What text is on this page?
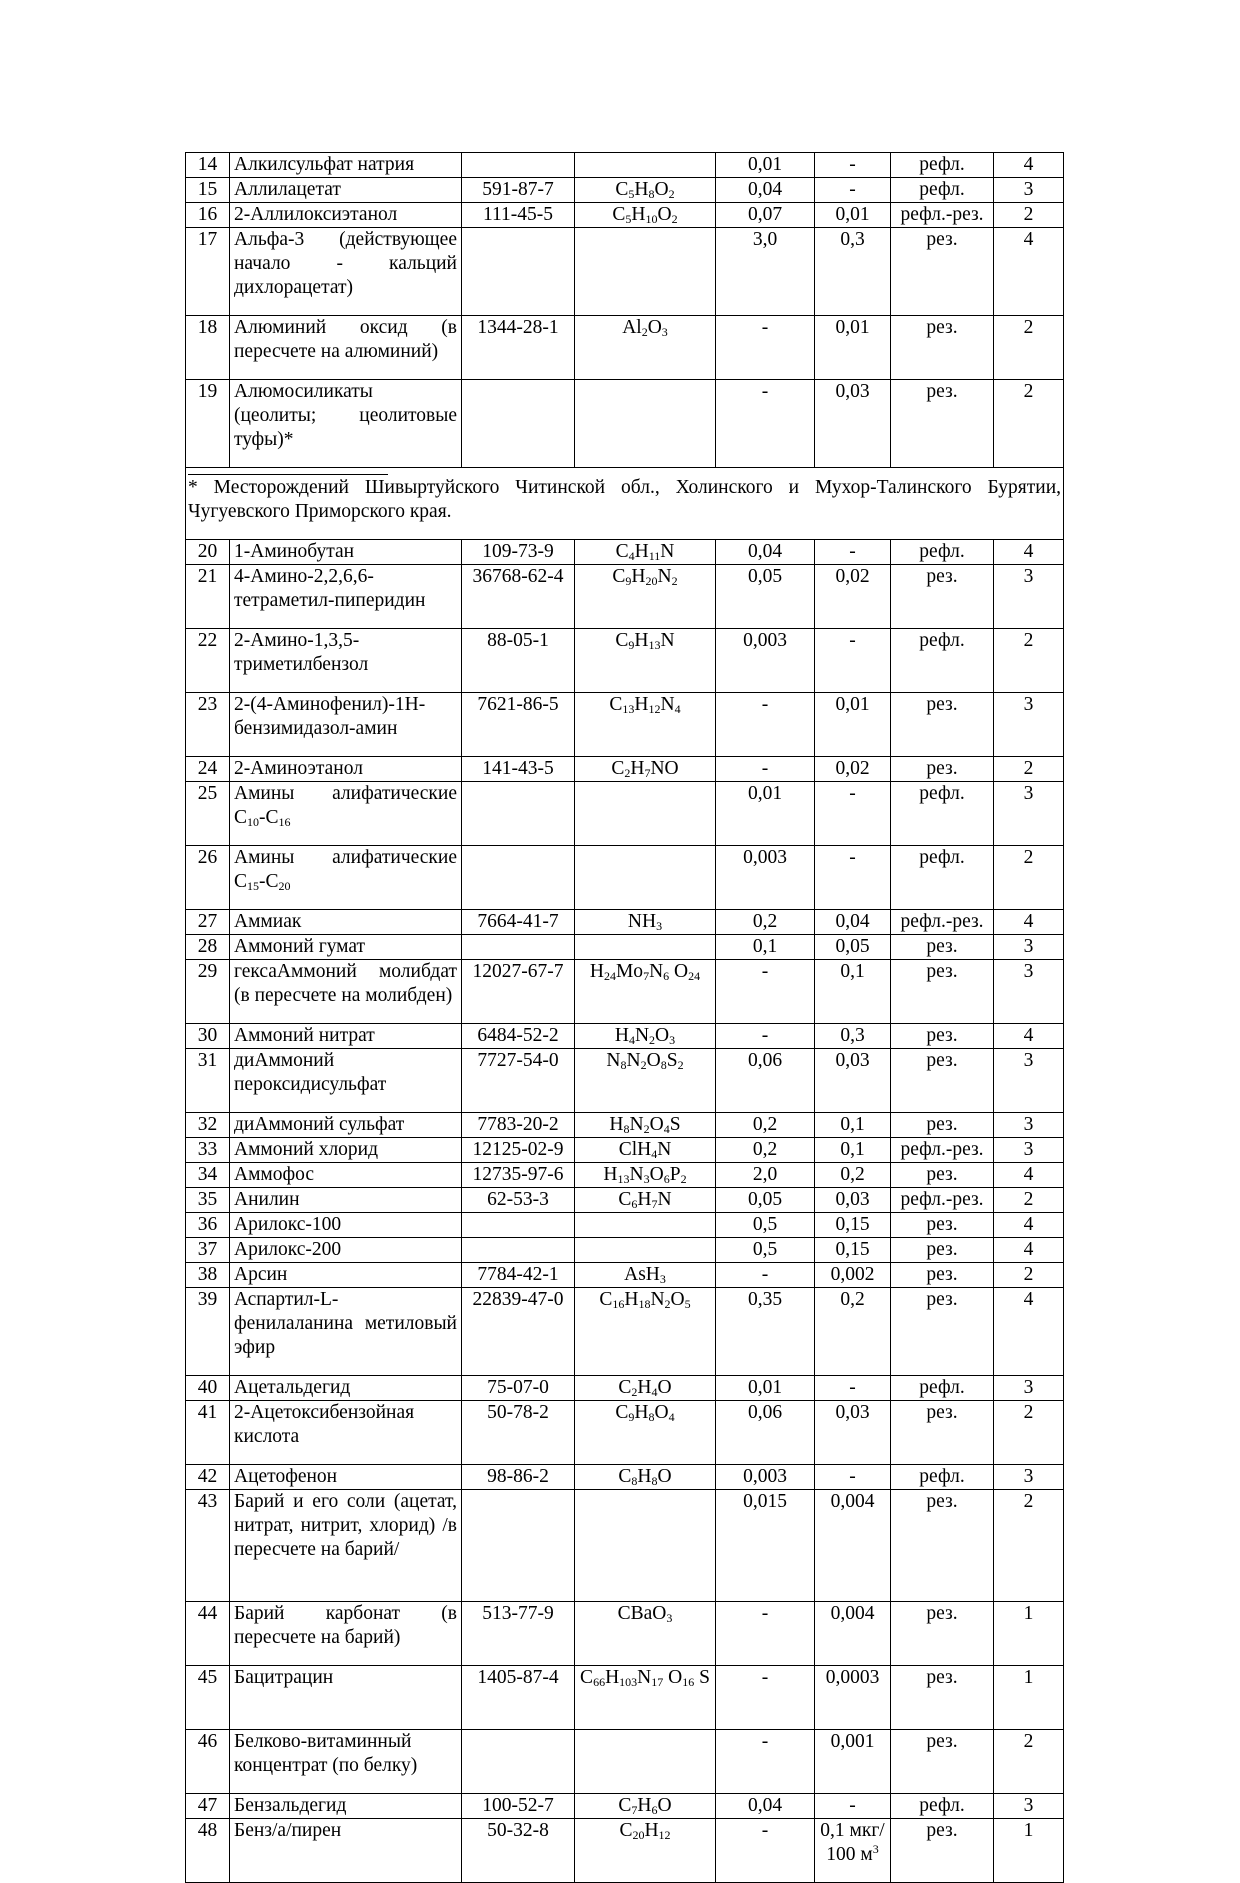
14	Алкилсульфат натрия			0,01	-	рефл.	4
15	Аллилацетат	591-87-7	$C_5H_8O_2$	0,04	-	рефл.	3
16	2-Аллилоксиэтанол	111-45-5	$C_5H_{10}O_2$	0,07	0,01	рефл.-рез.	2
17	Альфа-3 (действующее начало - кальций дихлорацетат)			3,0	0,3	рез.	4
18	Алюминий оксид (в пересчете на алюминий)	1344-28-1	$Al_2O_3$	-	0,01	рез.	2
19	Алюмосиликаты (цеолиты; цеолитовые туфы)*			-	0,03	рез.	2

* Месторождений Шивыртуйского Читинской обл., Холинского и Мухор-Талинского Бурятии, Чугуевского Приморского края.							
20	1-Аминобутан	109-73-9	$C_4H_{11}N$	0,04	-	рефл.	4
21	4-Амино-2,2,6,6-тетраметил-пиперидин	36768-62-4	$C_9H_{20}N_2$	0,05	0,02	рез.	3
22	2-Амино-1,3,5-триметилбензол	88-05-1	$C_9H_{13}N$	0,003	-	рефл.	2
23	2-(4-Аминофенил)-1Н-бензимидазол-амин	7621-86-5	$C_{13}H_{12}N_4$	-	0,01	рез.	3
24	2-Аминоэтанол	141-43-5	$C_2H_7NO$	-	0,02	рез.	2
25	Амины алифатические $C_{10}-C_{16}$			0,01	-	рефл.	3
26	Амины алифатические $C_{15}-C_{20}$			0,003	-	рефл.	2
27	Аммиак	7664-41-7	$NH_3$	0,2	0,04	рефл.-рез.	4
28	Аммоний гумат			0,1	0,05	рез.	3
29	гексаАммоний молибдат (в пересчете на молибден)	12027-67-7	$H_{24}Mo_7N_6$ $O_{24}$	-	0,1	рез.	3
30	Аммоний нитрат	6484-52-2	$H_4N_2O_3$	-	0,3	рез.	4
31	диАммоний пероксидисульфат	7727-54-0	$N_8N_2O_8S_2$	0,06	0,03	рез.	3
32	диАммоний сульфат	7783-20-2	$H_8N_2O_4S$	0,2	0,1	рез.	3
33	Аммоний хлорид	12125-02-9	ClH$_4$N	0,2	0,1	рефл.-рез.	3
34	Аммофос	12735-97-6	$H_{13}N_3O_6P_2$	2,0	0,2	рез.	4
35	Анилин	62-53-3	$C_6H_7N$	0,05	0,03	рефл.-рез.	2
36	Арилокс-100			0,5	0,15	рез.	4
37	Арилокс-200			0,5	0,15	рез.	4
38	Арсин	7784-42-1	AsH$_3$	-	0,002	рез.	2
39	Аспартил-L-фенилаланина метиловый эфир	22839-47-0	$C_{16}H_{18}N_2O_5$	0,35	0,2	рез.	4
40	Ацетальдегид	75-07-0	$C_2H_4O$	0,01	-	рефл.	3
41	2-Ацетоксибензойная кислота	50-78-2	$C_9H_8O_4$	0,06	0,03	рез.	2
42	Ацетофенон	98-86-2	$C_8H_8O$	0,003	-	рефл.	3
43	Барий и его соли (ацетат, нитрат, нитрит, хлорид) /в пересчете на барий/			0,015	0,004	рез.	2
44	Барий карбонат (в пересчете на барий)	513-77-9	CBaO$_3$	-	0,004	рез.	1
45	Бацитрацин	1405-87-4	$C_{66}H_{103}N_{17}$ $O_{16}$ S	-	0,0003	рез.	1
46	Белково-витаминный концентрат (по белку)			-	0,001	рез.	2
47	Бензальдегид	100-52-7	$C_7H_6O$	0,04	-	рефл.	3
48	Бенз/а/пирен	50-32-8	$C_{20}H_{12}$	-	0,1 мкг/ 100 $м^3$	рез.	1
